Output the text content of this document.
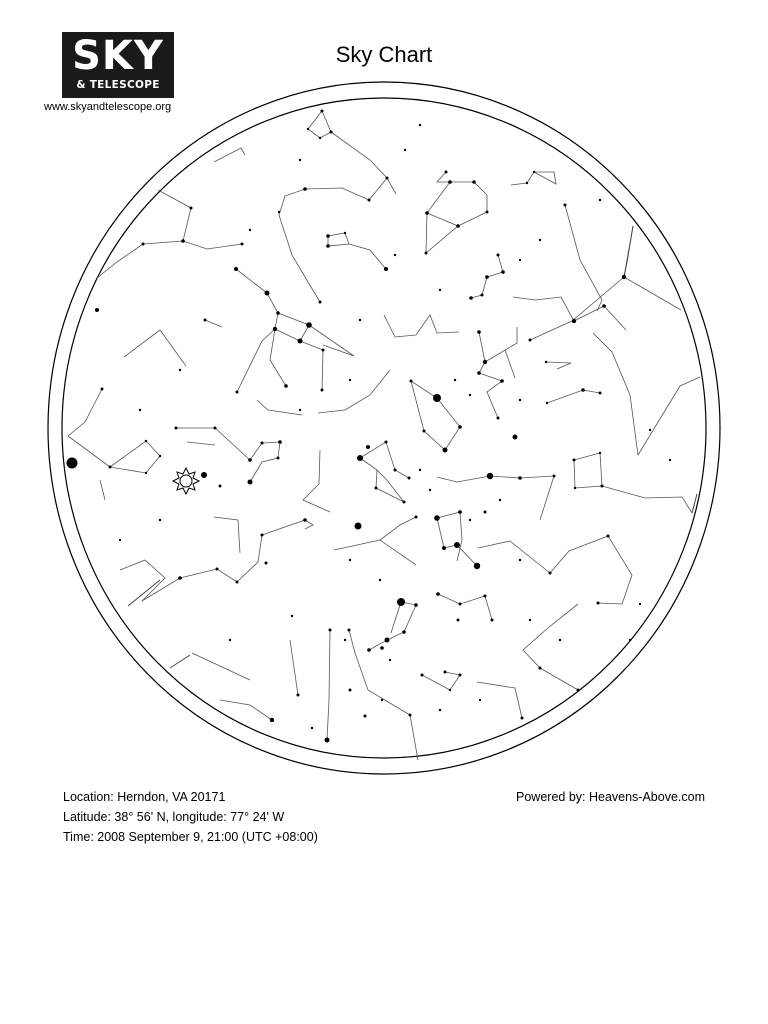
SKY
& TELESCOPE
www.skyandtelescope.org
Sky Chart
Location: Herndon, VA 20171
Latitude: 38° 56' N, longitude: 77° 24' W
Time: 2008 September 9, 21:00 (UTC +08:00)
Powered by: Heavens-Above.com
